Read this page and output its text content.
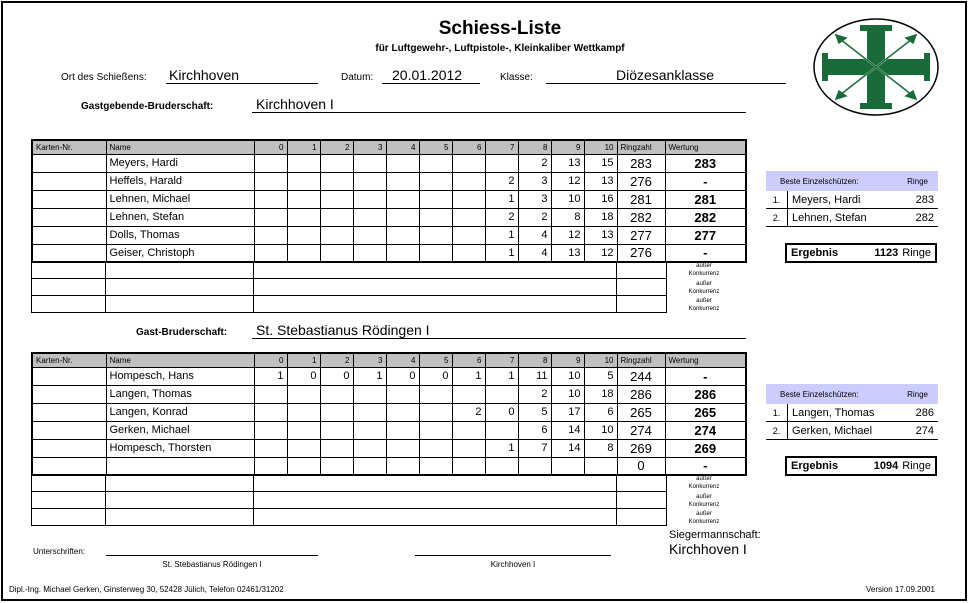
Schiess-Liste
für Luftgewehr-, Luftpistole-, Kleinkaliber Wettkampf
Ort des Schießens: Kirchhoven	Datum: 20.01.2012	Klasse:	Diözesanklasse
Gastgebende-Bruderschaft:	Kirchhoven I
Karten-Nr.	Name	0	1	2	3	4	5	6	7	8	9	10	Ringzahl	Wertung
	Meyers, Hardi									2	13	15	283	283
	Heffels, Harald								2	3	12	13	276	-
	Lehnen, Michael								1	3	10	16	281	281
	Lehnen, Stefan								2	2	8	18	282	282
	Dolls, Thomas								1	4	12	13	277	277
	Geiser, Christoph								1	4	13	12	276	-

außer
Konkurrenz
außer
Konkurrenz
außer
Konkurrenz
Beste Einzelschützen:	Ringe
1.	Meyers, Hardi	283
2.	Lehnen, Stefan	282
Ergebnis	1123 Ringe
Gast-Bruderschaft: St. Stebastianus Rödingen I
Karten-Nr.	Name	0	1	2	3	4	5	6	7	8	9	10	Ringzahl	Wertung
	Hompesch, Hans	1	0	0	1	0	0	1	1	11	10	5	244	-
	Langen, Thomas									2	10	18	286	286
	Langen, Konrad							2	0	5	17	6	265	265
	Gerken, Michael									6	14	10	274	274
	Hompesch, Thorsten								1	7	14	8	269	269
													0	-

außer
Konkurrenz
außer
Konkurrenz
außer
Konkurrenz
Beste Einzelschützen:	Ringe
1.	Langen, Thomas	286
2.	Gerken, Michael	274
Ergebnis	1094 Ringe
Unterschriften:
St. Stebastianus Rödingen I	Kirchhoven I
Siegermannschaft:
Kirchhoven I
Dipl.-Ing. Michael Gerken, Ginsterweg 30, 52428 Jülich, Telefon 02461/31202	Version 17.09.2001
